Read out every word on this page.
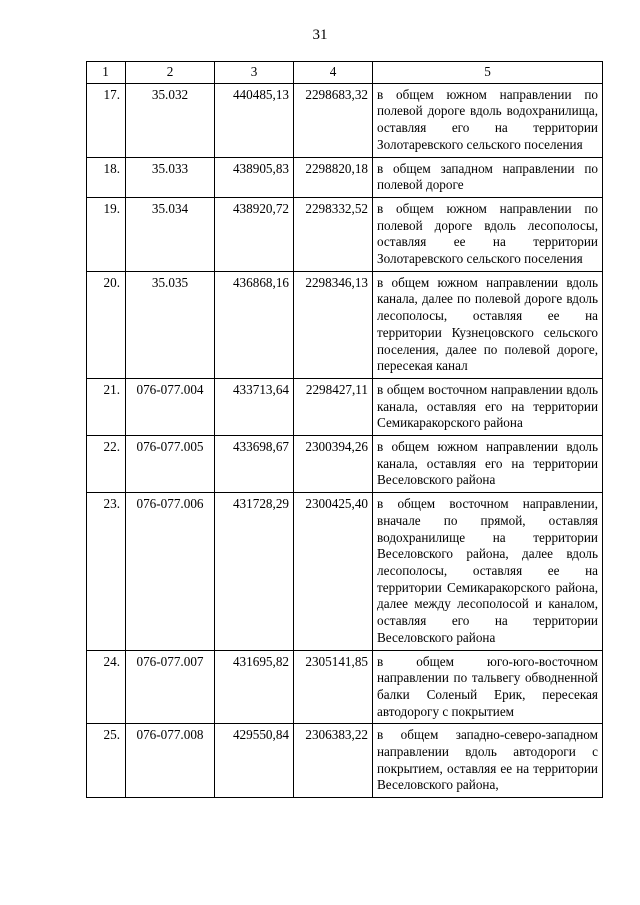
31
1	2	3	4	5
17.	35.032	440485,13	2298683,32	в общем южном направлении по полевой дороге вдоль водохранилища, оставляя его на территории Золотаревского сельского поселения
18.	35.033	438905,83	2298820,18	в общем западном направлении по полевой дороге
19.	35.034	438920,72	2298332,52	в общем южном направлении по полевой дороге вдоль лесополосы, оставляя ее на территории Золотаревского сельского поселения
20.	35.035	436868,16	2298346,13	в общем южном направлении вдоль канала, далее по полевой дороге вдоль лесополосы, оставляя ее на территории Кузнецовского сельского поселения, далее по полевой дороге, пересекая канал
21.	076-077.004	433713,64	2298427,11	в общем восточном направлении вдоль канала, оставляя его на территории Семикаракорского района
22.	076-077.005	433698,67	2300394,26	в общем южном направлении вдоль канала, оставляя его на территории Веселовского района
23.	076-077.006	431728,29	2300425,40	в общем восточном направлении, вначале по прямой, оставляя водохранилище на территории Веселовского района, далее вдоль лесополосы, оставляя ее на территории Семикаракорского района, далее между лесополосой и каналом, оставляя его на территории Веселовского района
24.	076-077.007	431695,82	2305141,85	в общем юго-юго-восточном направлении по тальвегу обводненной балки Соленый Ерик, пересекая автодорогу с покрытием
25.	076-077.008	429550,84	2306383,22	в общем западно-северо-западном направлении вдоль автодороги с покрытием, оставляя ее на территории Веселовского района,
